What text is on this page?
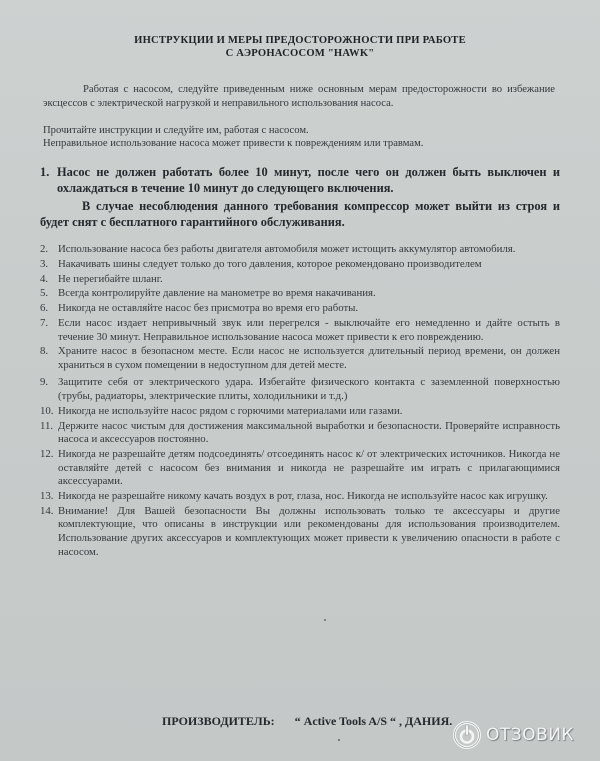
ИНСТРУКЦИИ И МЕРЫ ПРЕДОСТОРОЖНОСТИ ПРИ РАБОТЕ
С АЭРОНАСОСОМ "HAWK"
Работая с насосом, следуйте приведенным ниже основным мерам предосторожности во избежание эксцессов с электрической нагрузкой и неправильного использования насоса.
Прочитайте инструкции и следуйте им, работая с насосом.
Неправильное использование насоса может привести к повреждениям или травмам.
1. Насос не должен работать более 10 минут, после чего он должен быть выключен и охлаждаться в течение 10 минут до следующего включения.
В случае несоблюдения данного требования компрессор может выйти из строя и будет снят с бесплатного гарантийного обслуживания.
2. Использование насоса без работы двигателя автомобиля может истощить аккумулятор автомобиля.
3. Накачивать шины следует только до того давления, которое рекомендовано производителем
4. Не перегибайте шланг.
5. Всегда контролируйте давление на манометре во время накачивания.
6. Никогда не оставляйте насос без присмотра во время его работы.
7. Если насос издает непривычный звук или перегрелся - выключайте его немедленно и дайте остыть в течение 30 минут. Неправильное использование насоса может привести к его повреждению.
8. Храните насос в безопасном месте. Если насос не используется длительный период времени, он должен храниться в сухом помещении в недоступном для детей месте.
9. Защитите себя от электрического удара. Избегайте физического контакта с заземленной поверхностью (трубы, радиаторы, электрические плиты, холодильники и т.д.)
10. Никогда не используйте насос рядом с горючими материалами или газами.
11. Держите насос чистым для достижения максимальной выработки и безопасности. Проверяйте исправность насоса и аксессуаров постоянно.
12. Никогда не разрешайте детям подсоединять/ отсоединять насос к/ от электрических источников. Никогда не оставляйте детей с насосом без внимания и никогда не разрешайте им играть с прилагающимися аксессуарами.
13. Никогда не разрешайте никому качать воздух в рот, глаза, нос. Никогда не используйте насос как игрушку.
14. Внимание! Для Вашей безопасности Вы должны использовать только те аксессуары и другие комплектующие, что описаны в инструкции или рекомендованы для использования производителем. Использование других аксессуаров и комплектующих может привести к увеличению опасности в работе с насосом.
ПРОИЗВОДИТЕЛЬ: “ Active Tools A/S “ , ДАНИЯ.
ОТЗОВИК
